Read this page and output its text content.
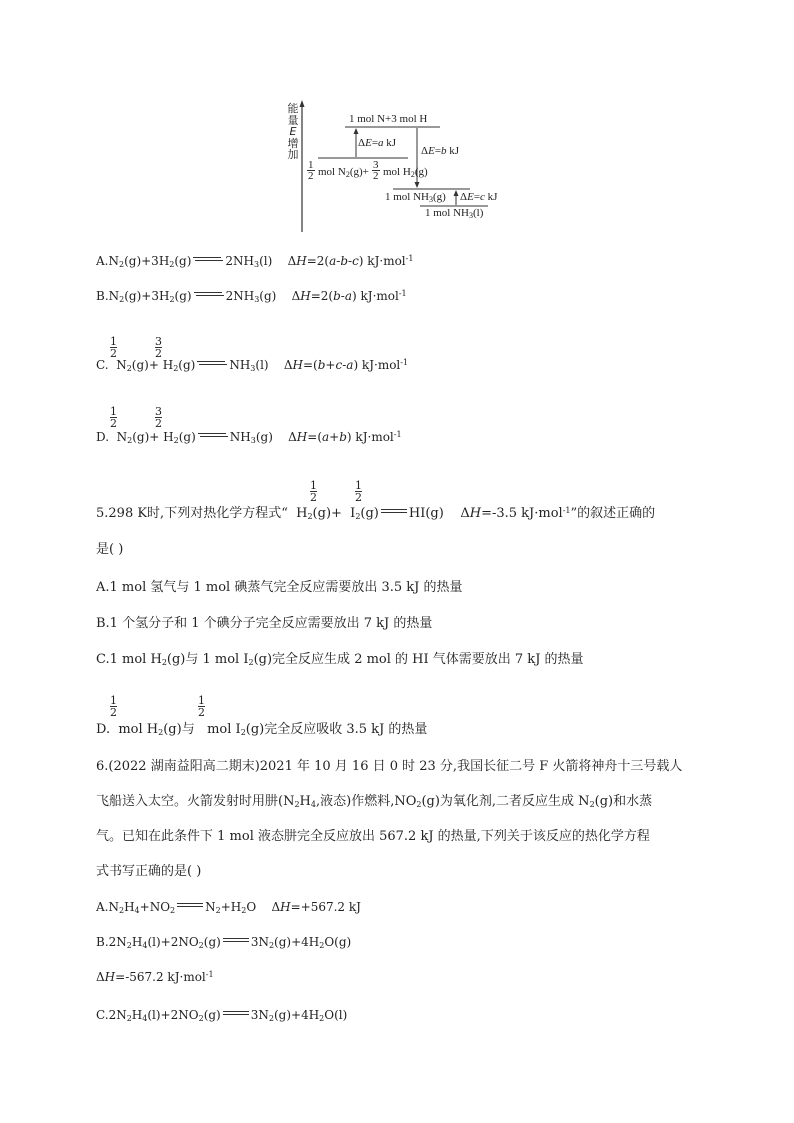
能
量
E
增
加
1 mol N+3 mol H
ΔE=a kJ
ΔE=b kJ
$\frac{1}{2}$ mol $N_2(g)+ \frac{3}{2}$ mol $H_2(g)$
1 mol $NH_3(g)$ ΔE=c kJ
1 mol $NH_3(l)$
$A.N_2(g)+3H_2(g)$	$2NH_3(l)$    ΔH=2(a-b-c) kJ·mol$^{-1}$
$B.N_2(g)+3H_2(g)$	$2NH_3(g)$    ΔH=2(b-a) kJ·mol$^{-1}$
$\frac{1}{2}$	$\frac{3}{2}$
C.  $N_2(g)+ H_2(g)$	$NH_3(l)$    ΔH=(b+c-a) kJ·mol$^{-1}$
$\frac{1}{2}$	$\frac{3}{2}$
D.  $N_2(g)+ H_2(g)$	$NH_3(g)$    ΔH=(a+b) kJ·mol$^{-1}$
$\frac{1}{2}$	$\frac{1}{2}$
5.298 K时,下列对热化学方程式“  $H_2(g)+ I_2(g)$ HI(g)    ΔH=-3.5 kJ·mol$^{-1}$”的叙述正确的
是( )
A.1 mol 氢气与 1 mol 碘蒸气完全反应需要放出 3.5 kJ 的热量
B.1 个氢分子和 1 个碘分子完全反应需要放出 7 kJ 的热量
C.1 mol $H_2(g)$与 1 mol $I_2(g)$完全反应生成 2 mol 的 HI 气体需要放出 7 kJ 的热量
$\frac{1}{2}$	$\frac{1}{2}$
D.  mol $H_2(g)$与   mol $I_2(g)$完全反应吸收 3.5 kJ 的热量
6.(2022 湖南益阳高二期末)2021 年 10 月 16 日 0 时 23 分,我国长征二号 F 火箭将神舟十三号载人
飞船送入太空。火箭发射时用肼($N_2H_4$,液态)作燃料$,NO_2(g)$为氧化剂,二者反应生成 $N_2(g)$和水蒸
气。已知在此条件下 1 mol 液态肼完全反应放出 567.2 kJ 的热量,下列关于该反应的热化学方程
式书写正确的是( )
$A.N_2H_4+NO_2$	$N_2+H_2O$    ΔH=+567.2 kJ
$B.2N_2H_4(l)+2NO_2(g)$	$3N_2(g)+4H_2O(g)$
ΔH=-567.2 kJ·mol$^{-1}$
$C.2N_2H_4(l)+2NO_2(g)$	$3N_2(g)+4H_2O(l)$
